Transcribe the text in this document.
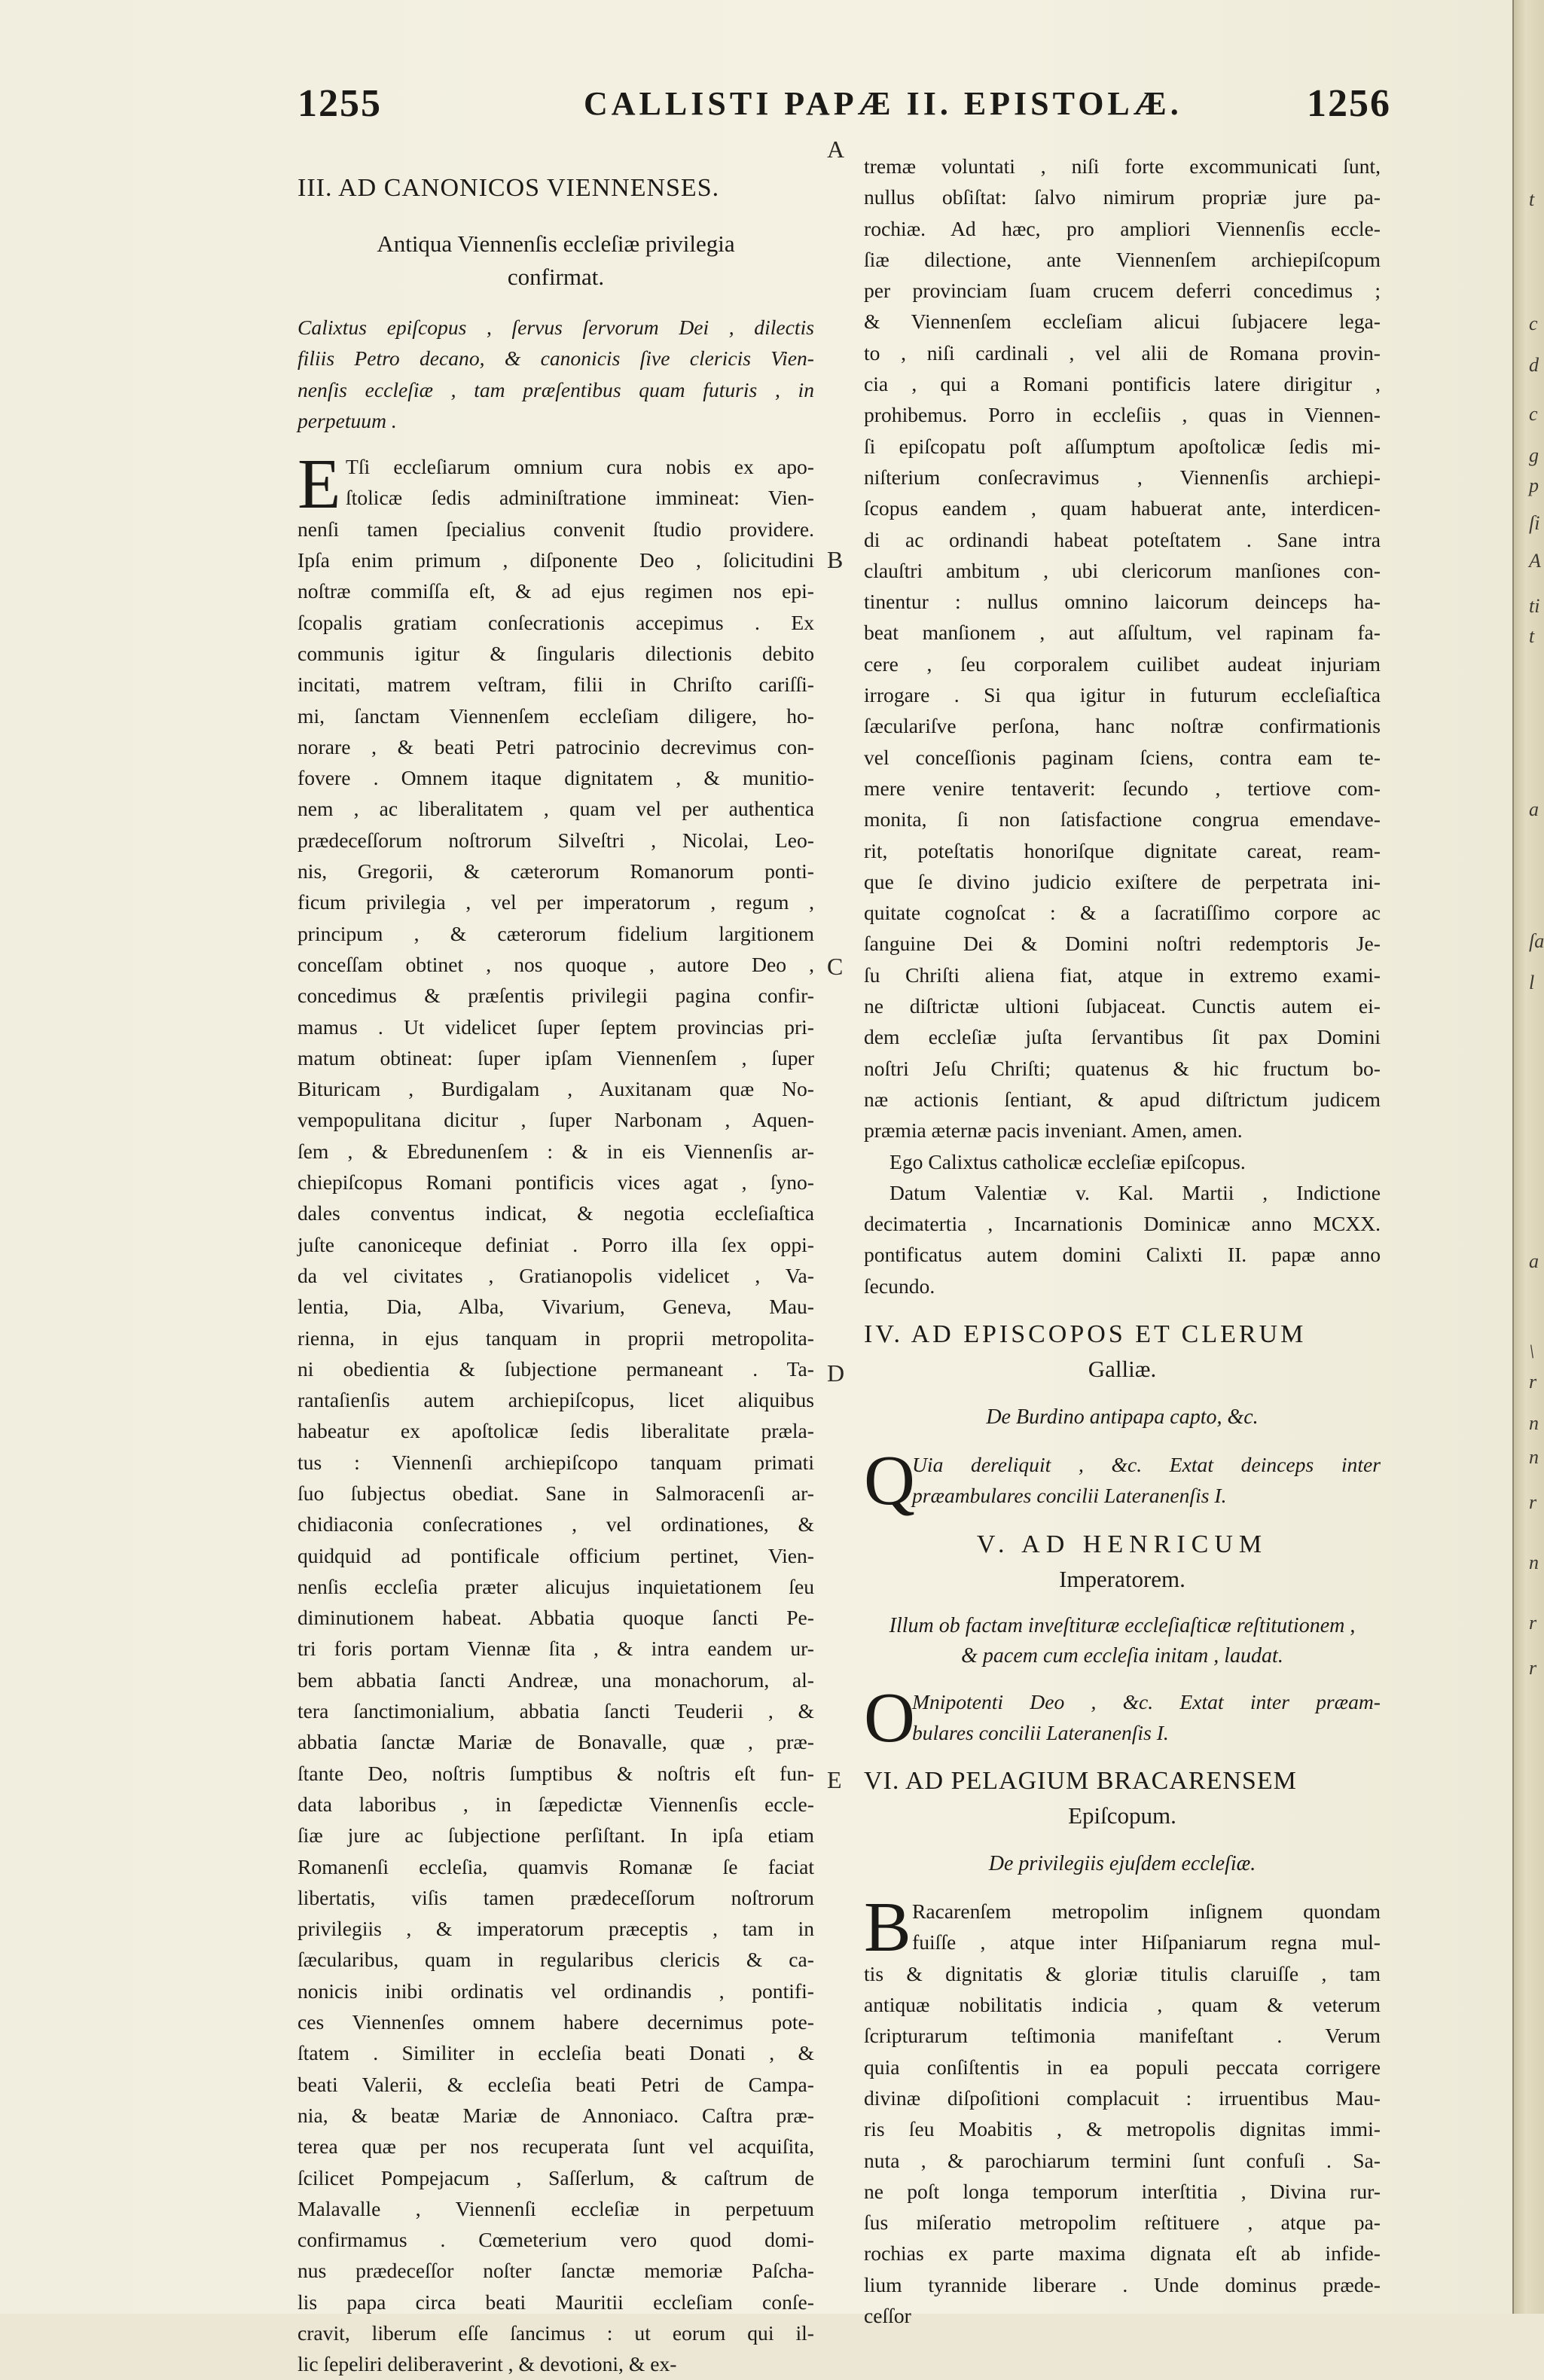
1255	CALLISTI PAPÆ II. EPISTOLÆ.	1256
A
B
C
D
E
III. AD CANONICOS VIENNENSES.
Antiqua Viennenſis eccleſiæ privilegia
confirmat.
Calixtus epiſcopus , ſervus ſervorum Dei , dilectis
filiis Petro decano, & canonicis ſive clericis Vien-
nenſis eccleſiæ , tam præſentibus quam futuris , in
perpetuum .
E Tſi eccleſiarum omnium cura nobis ex apo-
ſtolicæ ſedis adminiſtratione immineat: Vien-
nenſi tamen ſpecialius convenit ſtudio providere.
Ipſa enim primum , diſponente Deo , ſolicitudini
noſtræ commiſſa eſt, & ad ejus regimen nos epi-
ſcopalis gratiam conſecrationis accepimus . Ex
communis igitur & ſingularis dilectionis debito
incitati, matrem veſtram, filii in Chriſto cariſſi-
mi, ſanctam Viennenſem eccleſiam diligere, ho-
norare , & beati Petri patrocinio decrevimus con-
fovere . Omnem itaque dignitatem , & munitio-
nem , ac liberalitatem , quam vel per authentica
prædeceſſorum noſtrorum Silveſtri , Nicolai, Leo-
nis, Gregorii, & cæterorum Romanorum ponti-
ficum privilegia , vel per imperatorum , regum ,
principum , & cæterorum fidelium largitionem
conceſſam obtinet , nos quoque , autore Deo ,
concedimus & præſentis privilegii pagina confir-
mamus . Ut videlicet ſuper ſeptem provincias pri-
matum obtineat: ſuper ipſam Viennenſem , ſuper
Bituricam , Burdigalam , Auxitanam quæ No-
vempopulitana dicitur , ſuper Narbonam , Aquen-
ſem , & Ebredunenſem : & in eis Viennenſis ar-
chiepiſcopus Romani pontificis vices agat , ſyno-
dales conventus indicat, & negotia eccleſiaſtica
juſte canoniceque definiat . Porro illa ſex oppi-
da vel civitates , Gratianopolis videlicet , Va-
lentia, Dia, Alba, Vivarium, Geneva, Mau-
rienna, in ejus tanquam in proprii metropolita-
ni obedientia & ſubjectione permaneant . Ta-
rantaſienſis autem archiepiſcopus, licet aliquibus
habeatur ex apoſtolicæ ſedis liberalitate præla-
tus : Viennenſi archiepiſcopo tanquam primati
ſuo ſubjectus obediat. Sane in Salmoracenſi ar-
chidiaconia conſecrationes , vel ordinationes, &
quidquid ad pontificale officium pertinet, Vien-
nenſis eccleſia præter alicujus inquietationem ſeu
diminutionem habeat. Abbatia quoque ſancti Pe-
tri foris portam Viennæ ſita , & intra eandem ur-
bem abbatia ſancti Andreæ, una monachorum, al-
tera ſanctimonialium, abbatia ſancti Teuderii , &
abbatia ſanctæ Mariæ de Bonavalle, quæ , præ-
ſtante Deo, noſtris ſumptibus & noſtris eſt fun-
data laboribus , in ſæpedictæ Viennenſis eccle-
ſiæ jure ac ſubjectione perſiſtant. In ipſa etiam
Romanenſi eccleſia, quamvis Romanæ ſe faciat
libertatis, viſis tamen prædeceſſorum noſtrorum
privilegiis , & imperatorum præceptis , tam in
ſæcularibus, quam in regularibus clericis & ca-
nonicis inibi ordinatis vel ordinandis , pontifi-
ces Viennenſes omnem habere decernimus pote-
ſtatem . Similiter in eccleſia beati Donati , &
beati Valerii, & eccleſia beati Petri de Campa-
nia, & beatæ Mariæ de Annoniaco. Caſtra præ-
terea quæ per nos recuperata ſunt vel acquiſita,
ſcilicet Pompejacum , Saſſerlum, & caſtrum de
Malavalle , Viennenſi eccleſiæ in perpetuum
confirmamus . Cœmeterium vero quod domi-
nus prædeceſſor noſter ſanctæ memoriæ Paſcha-
lis papa circa beati Mauritii eccleſiam conſe-
cravit, liberum eſſe ſancimus : ut eorum qui il-
lic ſepeliri deliberaverint , & devotioni, & ex-
tremæ voluntati , niſi forte excommunicati ſunt,
nullus obſiſtat: ſalvo nimirum propriæ jure pa-
rochiæ. Ad hæc, pro ampliori Viennenſis eccle-
ſiæ dilectione, ante Viennenſem archiepiſcopum
per provinciam ſuam crucem deferri concedimus ;
& Viennenſem eccleſiam alicui ſubjacere lega-
to , niſi cardinali , vel alii de Romana provin-
cia , qui a Romani pontificis latere dirigitur ,
prohibemus. Porro in eccleſiis , quas in Viennen-
ſi epiſcopatu poſt aſſumptum apoſtolicæ ſedis mi-
niſterium conſecravimus , Viennenſis archiepi-
ſcopus eandem , quam habuerat ante, interdicen-
di ac ordinandi habeat poteſtatem . Sane intra
clauſtri ambitum , ubi clericorum manſiones con-
tinentur : nullus omnino laicorum deinceps ha-
beat manſionem , aut aſſultum, vel rapinam fa-
cere , ſeu corporalem cuilibet audeat injuriam
irrogare . Si qua igitur in futurum eccleſiaſtica
ſæculariſve perſona, hanc noſtræ confirmationis
vel conceſſionis paginam ſciens, contra eam te-
mere venire tentaverit: ſecundo , tertiove com-
monita, ſi non ſatisfactione congrua emendave-
rit, poteſtatis honoriſque dignitate careat, ream-
que ſe divino judicio exiſtere de perpetrata ini-
quitate cognoſcat : & a ſacratiſſimo corpore ac
ſanguine Dei & Domini noſtri redemptoris Je-
ſu Chriſti aliena fiat, atque in extremo exami-
ne diſtrictæ ultioni ſubjaceat. Cunctis autem ei-
dem eccleſiæ juſta ſervantibus ſit pax Domini
noſtri Jeſu Chriſti; quatenus & hic fructum bo-
næ actionis ſentiant, & apud diſtrictum judicem
præmia æternæ pacis inveniant. Amen, amen.
Ego Calixtus catholicæ eccleſiæ epiſcopus.
Datum Valentiæ v. Kal. Martii , Indictione
decimatertia , Incarnationis Dominicæ anno MCXX.
pontificatus autem domini Calixti II. papæ anno
ſecundo.
IV. AD EPISCOPOS ET CLERUM
Galliæ.
De Burdino antipapa capto, &c.
Q
Uia dereliquit , &c. Extat deinceps inter
præambulares concilii Lateranenſis I.
V. AD HENRICUM
Imperatorem.
Illum ob factam inveſtituræ eccleſiaſticæ reſtitutionem ,
& pacem cum eccleſia initam , laudat.
O
Mnipotenti Deo , &c. Extat inter præam-
bulares concilii Lateranenſis I.
VI. AD PELAGIUM BRACARENSEM
Epiſcopum.
De privilegiis ejuſdem eccleſiæ.
B Racarenſem metropolim inſignem quondam
fuiſſe , atque inter Hiſpaniarum regna mul-
tis & dignitatis & gloriæ titulis claruiſſe , tam
antiquæ nobilitatis indicia , quam & veterum
ſcripturarum teſtimonia manifeſtant . Verum
quia conſiſtentis in ea populi peccata corrigere
divinæ diſpoſitioni complacuit : irruentibus Mau-
ris ſeu Moabitis , & metropolis dignitas immi-
nuta , & parochiarum termini ſunt confuſi . Sa-
ne poſt longa temporum interſtitia , Divina rur-
ſus miſeratio metropolim reſtituere , atque pa-
rochias ex parte maxima dignata eſt ab infide-
lium tyrannide liberare . Unde dominus præde-
ceſſor
t
c
d
c
g
p
ſi
A
ti
t
a
ſa
l
a
\
r
n
n
r
n
r
r
